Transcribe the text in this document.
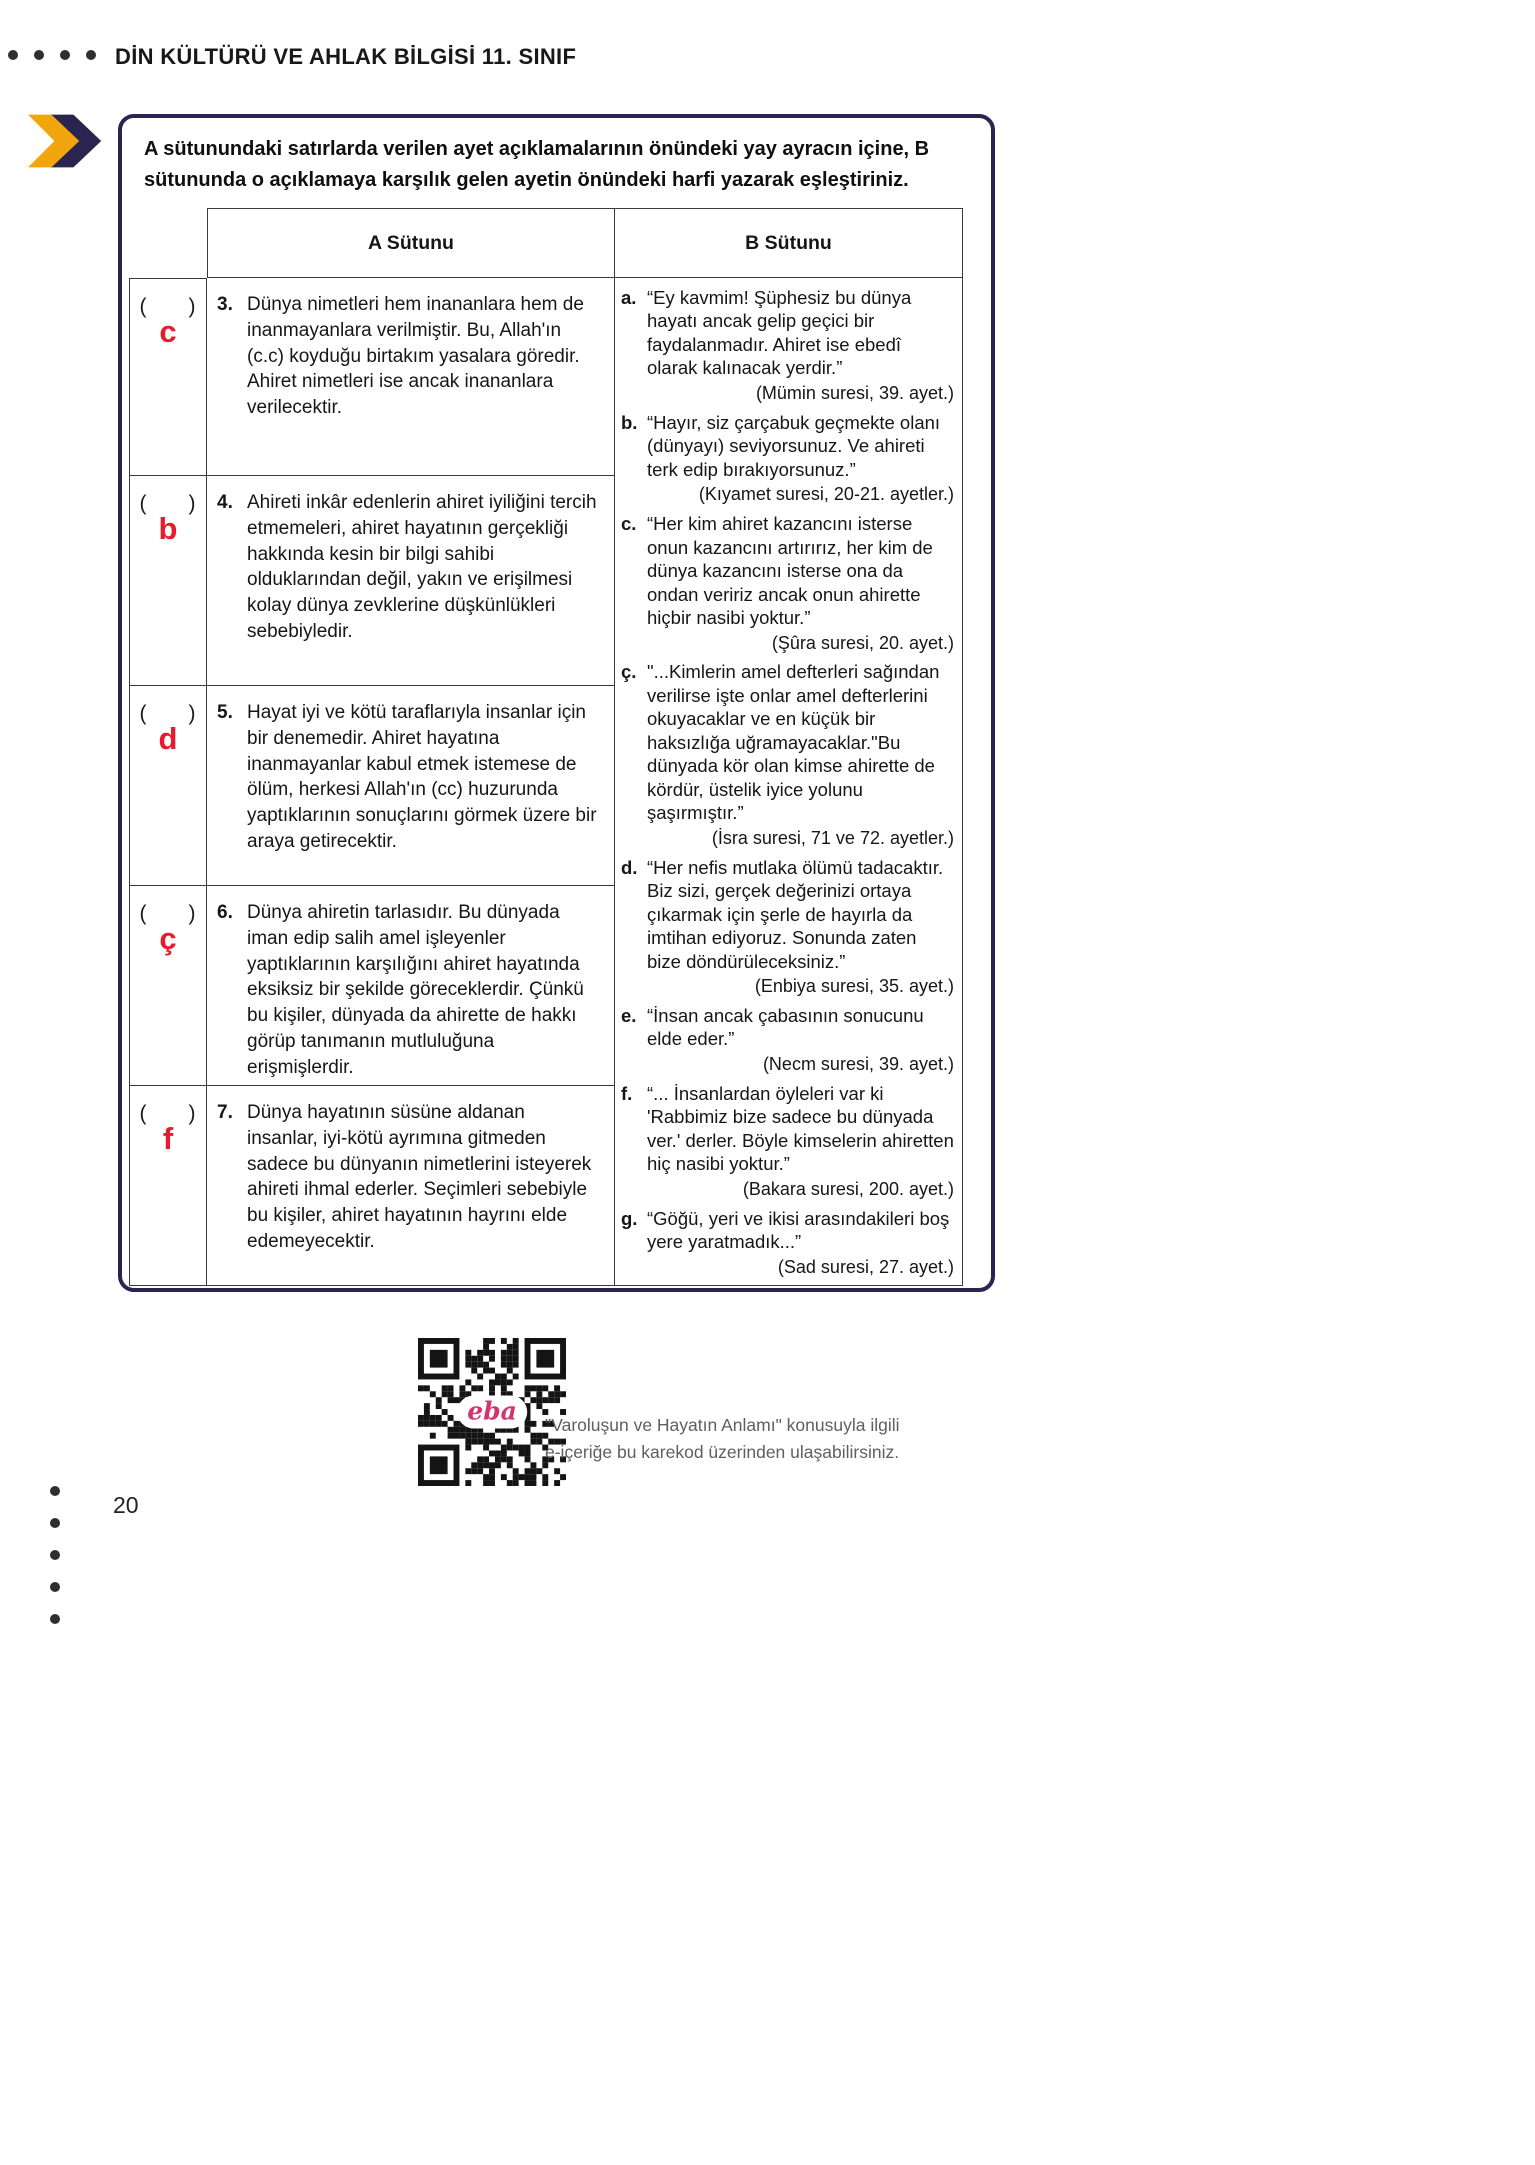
DİN KÜLTÜRÜ VE AHLAK BİLGİSİ 11. SINIF

A sütunundaki satırlarda verilen ayet açıklamalarının önündeki yay ayracın içine, B sütununda o açıklamaya karşılık gelen ayetin önündeki harfi yazarak eşleştiriniz.

A Sütunu	B Sütunu
(      )
c
3. Dünya nimetleri hem inananlara hem de inanmayanlara verilmiştir. Bu, Allah'ın (c.c) koyduğu birtakım yasalara göredir. Ahiret nimetleri ise ancak inananlara verilecektir.
(      )
b
4. Ahireti inkâr edenlerin ahiret iyiliğini tercih etmemeleri, ahiret hayatının gerçekliği hakkında kesin bir bilgi sahibi olduklarından değil, yakın ve erişilmesi kolay dünya zevklerine düşkünlükleri sebebiyledir.
(      )
d
5. Hayat iyi ve kötü taraflarıyla insanlar için bir denemedir. Ahiret hayatına inanmayanlar kabul etmek istemese de ölüm, herkesi Allah'ın (cc) huzurunda yaptıklarının sonuçlarını görmek üzere bir araya getirecektir.
(      )
ç
6. Dünya ahiretin tarlasıdır. Bu dünyada iman edip salih amel işleyenler yaptıklarının karşılığını ahiret hayatında eksiksiz bir şekilde göreceklerdir. Çünkü bu kişiler, dünyada da ahirette de hakkı görüp tanımanın mutluluğuna erişmişlerdir.
(      )
f
7. Dünya hayatının süsüne aldanan insanlar, iyi-kötü ayrımına gitmeden sadece bu dünyanın nimetlerini isteyerek ahireti ihmal ederler. Seçimleri sebebiyle bu kişiler, ahiret hayatının hayrını elde edemeyecektir.
a. “Ey kavmim! Şüphesiz bu dünya hayatı ancak gelip geçici bir faydalanmadır. Ahiret ise ebedî olarak kalınacak yerdir.”
(Mümin suresi, 39. ayet.)
b. “Hayır, siz çarçabuk geçmekte olanı (dünyayı) seviyorsunuz. Ve ahireti terk edip bırakıyorsunuz.”
(Kıyamet suresi, 20-21. ayetler.)
c. “Her kim ahiret kazancını isterse onun kazancını artırırız, her kim de dünya kazancını isterse ona da ondan veririz ancak onun ahirette hiçbir nasibi yoktur.”
(Şûra suresi, 20. ayet.)
ç. "...Kimlerin amel defterleri sağından verilirse işte onlar amel defterlerini okuyacaklar ve en küçük bir haksızlığa uğramayacaklar."Bu dünyada kör olan kimse ahirette de kördür, üstelik iyice yolunu şaşırmıştır.”
(İsra suresi, 71 ve 72. ayetler.)
d. “Her nefis mutlaka ölümü tadacaktır. Biz sizi, gerçek değerinizi ortaya çıkarmak için şerle de hayırla da imtihan ediyoruz. Sonunda zaten bize döndürüleceksiniz.”
(Enbiya suresi, 35. ayet.)
e. “İnsan ancak çabasının sonucunu elde eder.”
(Necm suresi, 39. ayet.)
f. “... İnsanlardan öyleleri var ki 'Rabbimiz bize sadece bu dünyada ver.' derler. Böyle kimselerin ahiretten hiç nasibi yoktur.”
(Bakara suresi, 200. ayet.)
g. “Göğü, yeri ve ikisi arasındakileri boş yere yaratmadık...”
(Sad suresi, 27. ayet.)
eba	"Varoluşun ve Hayatın Anlamı" konusuyla ilgili e-içeriğe bu karekod üzerinden ulaşabilirsiniz.
20
